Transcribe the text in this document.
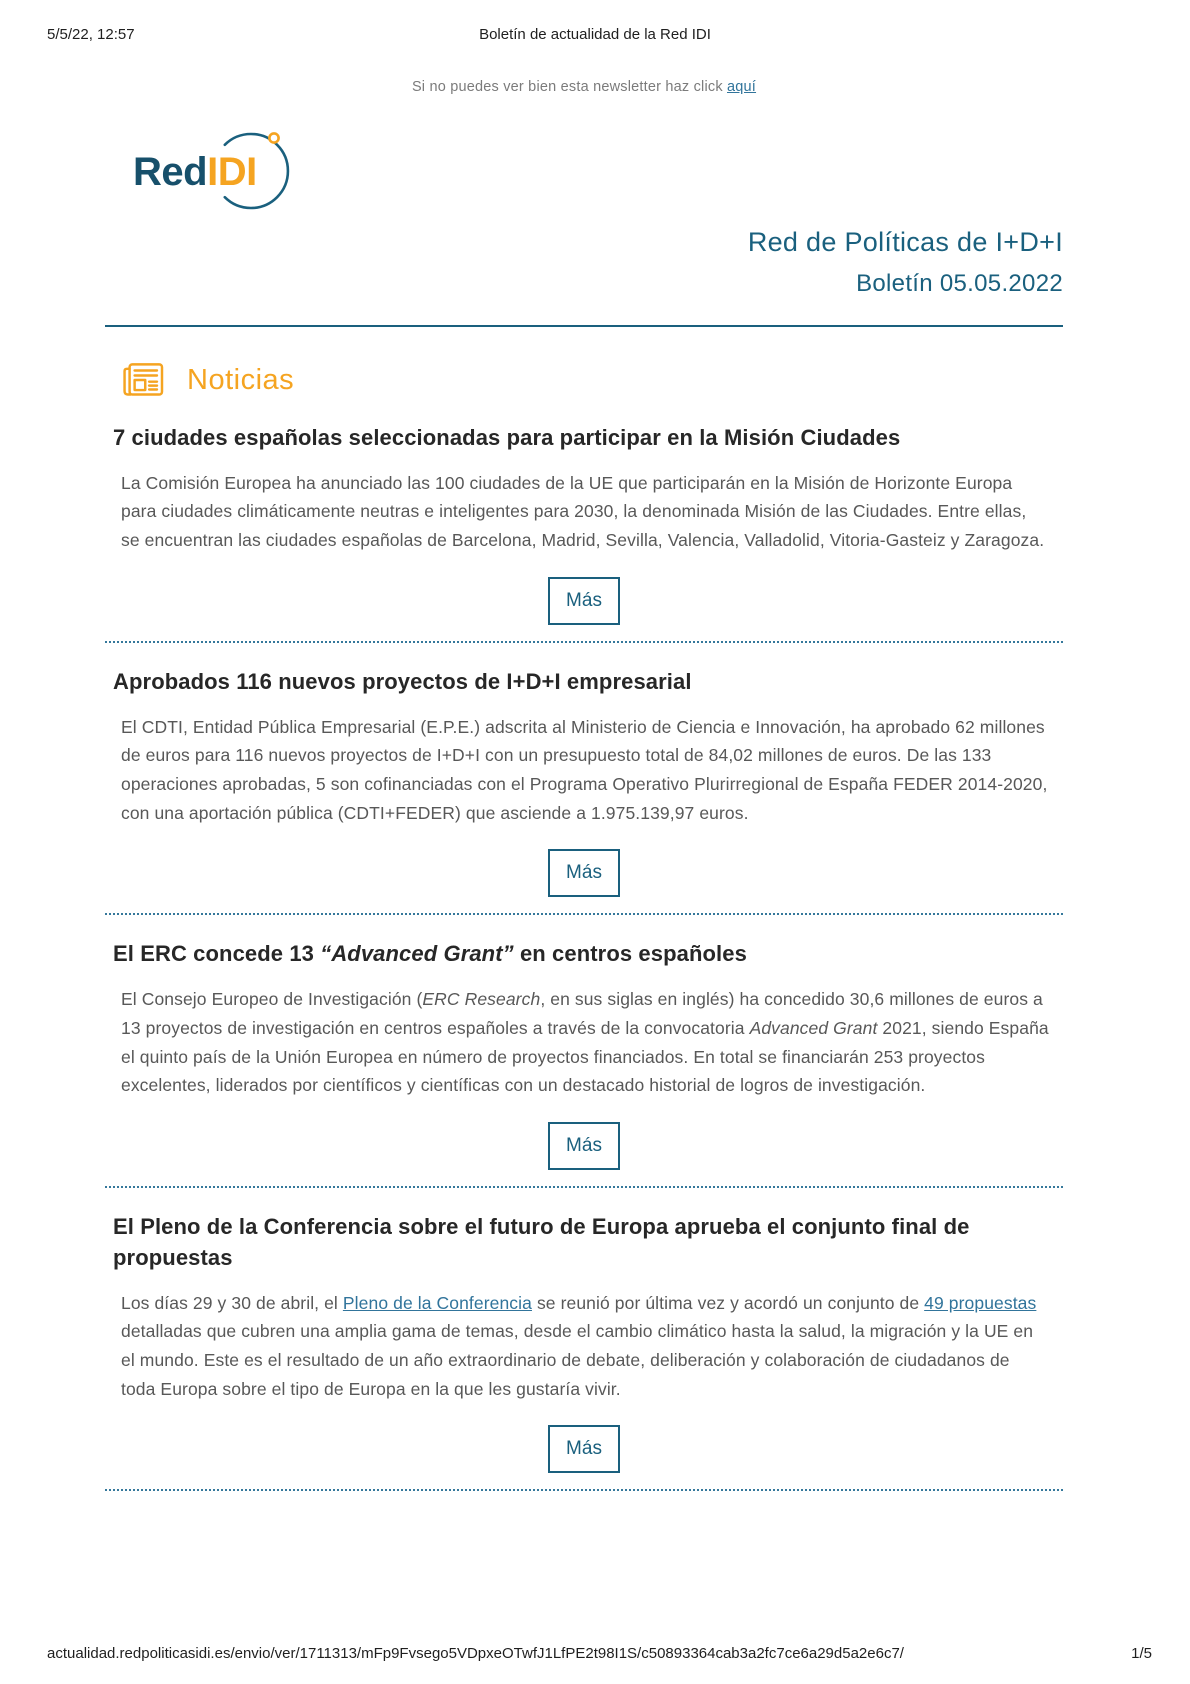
5/5/22, 12:57	Boletín de actualidad de la Red IDI
Si no puedes ver bien esta newsletter haz click aquí
RedIDI
Red de Políticas de I+D+I
Boletín 05.05.2022
Noticias
7 ciudades españolas seleccionadas para participar en la Misión Ciudades

La Comisión Europea ha anunciado las 100 ciudades de la UE que participarán en la Misión de Horizonte Europa para ciudades climáticamente neutras e inteligentes para 2030, la denominada Misión de las Ciudades. Entre ellas, se encuentran las ciudades españolas de Barcelona, Madrid, Sevilla, Valencia, Valladolid, Vitoria-Gasteiz y Zaragoza.

Más
Aprobados 116 nuevos proyectos de I+D+I empresarial

El CDTI, Entidad Pública Empresarial (E.P.E.) adscrita al Ministerio de Ciencia e Innovación, ha aprobado 62 millones de euros para 116 nuevos proyectos de I+D+I con un presupuesto total de 84,02 millones de euros. De las 133 operaciones aprobadas, 5 son cofinanciadas con el Programa Operativo Plurirregional de España FEDER 2014-2020, con una aportación pública (CDTI+FEDER) que asciende a 1.975.139,97 euros.

Más
El ERC concede 13 “Advanced Grant” en centros españoles

El Consejo Europeo de Investigación (ERC Research, en sus siglas en inglés) ha concedido 30,6 millones de euros a 13 proyectos de investigación en centros españoles a través de la convocatoria Advanced Grant 2021, siendo España el quinto país de la Unión Europea en número de proyectos financiados. En total se financiarán 253 proyectos excelentes, liderados por científicos y científicas con un destacado historial de logros de investigación.

Más
El Pleno de la Conferencia sobre el futuro de Europa aprueba el conjunto final de propuestas

Los días 29 y 30 de abril, el Pleno de la Conferencia se reunió por última vez y acordó un conjunto de 49 propuestas detalladas que cubren una amplia gama de temas, desde el cambio climático hasta la salud, la migración y la UE en el mundo. Este es el resultado de un año extraordinario de debate, deliberación y colaboración de ciudadanos de toda Europa sobre el tipo de Europa en la que les gustaría vivir.

Más
actualidad.redpoliticasidi.es/envio/ver/1711313/mFp9Fvsego5VDpxeOTwfJ1LfPE2t98I1S/c50893364cab3a2fc7ce6a29d5a2e6c7/	1/5
